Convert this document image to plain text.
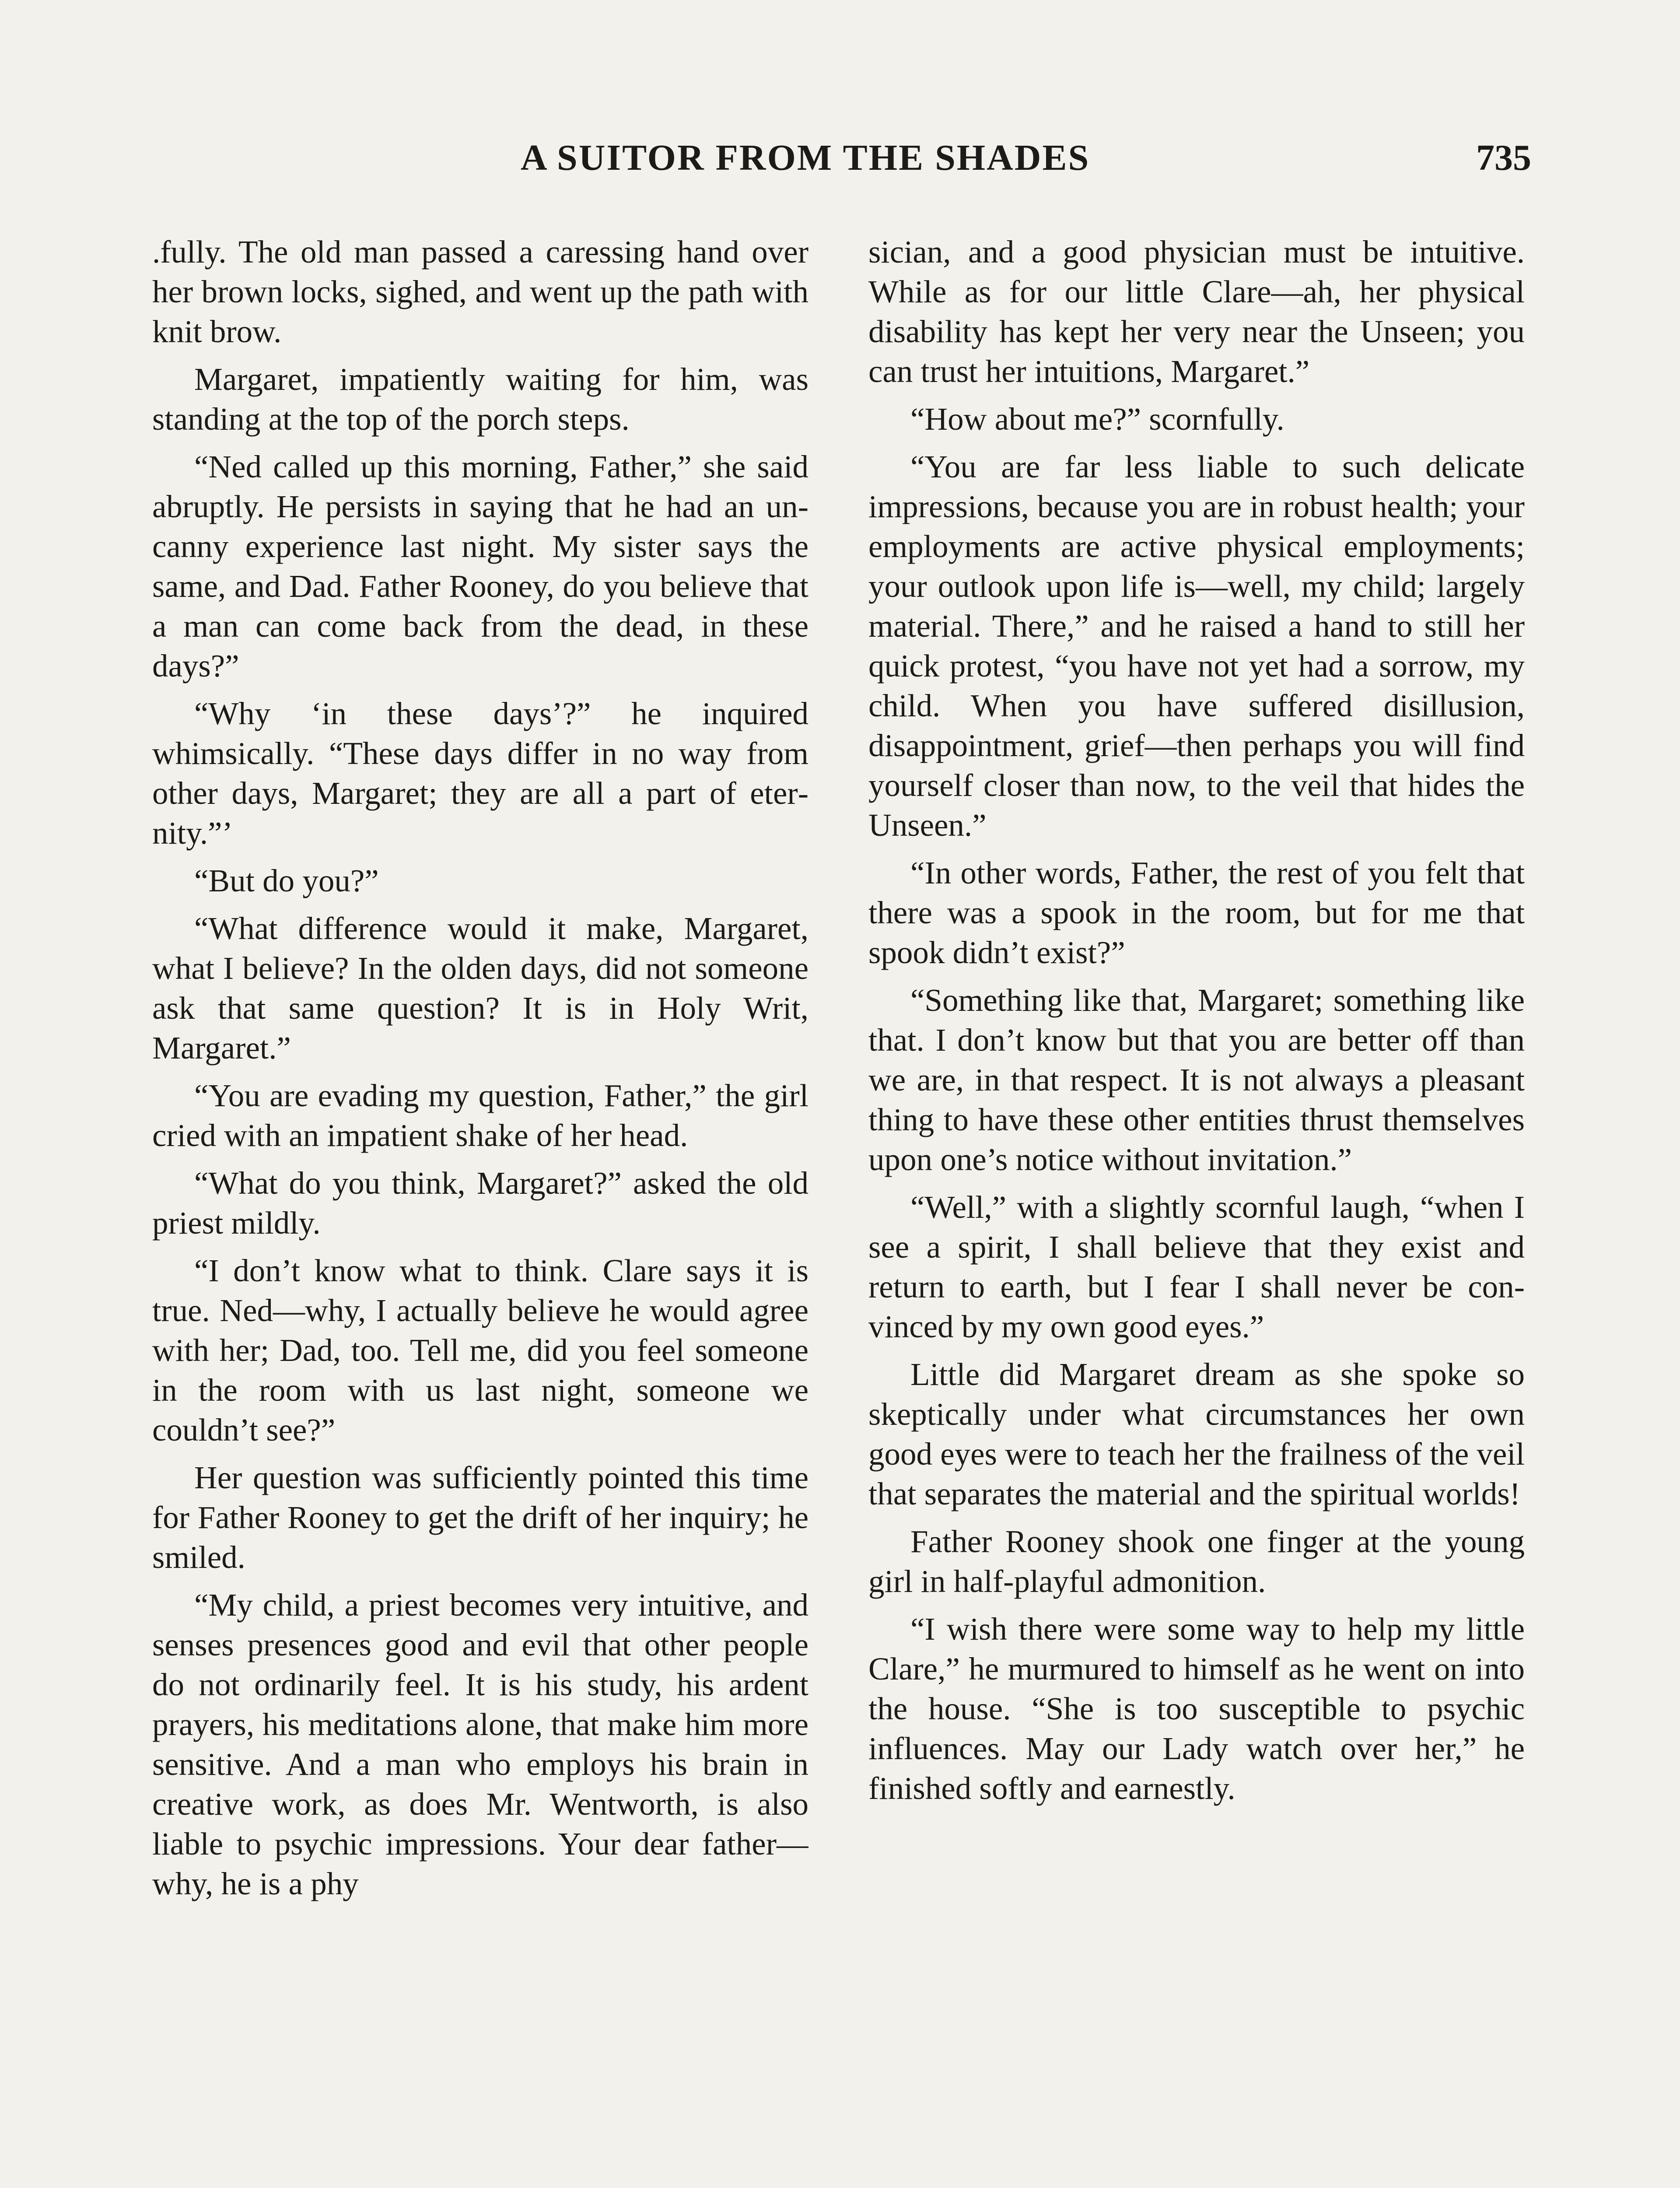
A SUITOR FROM THE SHADES	735

.fully. The old man passed a caressing hand over her brown locks, sighed, and went up the path with knit brow.

Margaret, impatiently waiting for him, was standing at the top of the porch steps.

“Ned called up this morning, Father,” she said abruptly. He persists in saying that he had an uncanny experience last night. My sister says the same, and Dad. Father Rooney, do you believe that a man can come back from the dead, in these days?”

“Why ‘in these days’?” he inquired whimsically. “These days differ in no way from other days, Margaret; they are all a part of eternity.”’

“But do you?”

“What difference would it make, Margaret, what I believe? In the olden days, did not someone ask that same question? It is in Holy Writ, Margaret.”

“You are evading my question, Father,” the girl cried with an impatient shake of her head.

“What do you think, Margaret?” asked the old priest mildly.

“I don’t know what to think. Clare says it is true. Ned—why, I actually believe he would agree with her; Dad, too. Tell me, did you feel someone in the room with us last night, someone we couldn’t see?”

Her question was sufficiently pointed this time for Father Rooney to get the drift of her inquiry; he smiled.

“My child, a priest becomes very intuitive, and senses presences good and evil that other people do not ordinarily feel. It is his study, his ardent prayers, his meditations alone, that make him more sensitive. And a man who employs his brain in creative work, as does Mr. Wentworth, is also liable to psychic impressions. Your dear father—why, he is a phy

sician, and a good physician must be intuitive. While as for our little Clare—ah, her physical disability has kept her very near the Unseen; you can trust her intuitions, Margaret.”

“How about me?” scornfully.

“You are far less liable to such delicate impressions, because you are in robust health; your employments are active physical employments; your outlook upon life is—well, my child; largely material. There,” and he raised a hand to still her quick protest, “you have not yet had a sorrow, my child. When you have suffered disillusion, disappointment, grief—then perhaps you will find yourself closer than now, to the veil that hides the Unseen.”

“In other words, Father, the rest of you felt that there was a spook in the room, but for me that spook didn’t exist?”

“Something like that, Margaret; something like that. I don’t know but that you are better off than we are, in that respect. It is not always a pleasant thing to have these other entities thrust themselves upon one’s notice without invitation.”

“Well,” with a slightly scornful laugh, “when I see a spirit, I shall believe that they exist and return to earth, but I fear I shall never be convinced by my own good eyes.”

Little did Margaret dream as she spoke so skeptically under what circumstances her own good eyes were to teach her the frailness of the veil that separates the material and the spiritual worlds!

Father Rooney shook one finger at the young girl in half-playful admonition.

“I wish there were some way to help my little Clare,” he murmured to himself as he went on into the house. “She is too susceptible to psychic influences. May our Lady watch over her,” he finished softly and earnestly.
